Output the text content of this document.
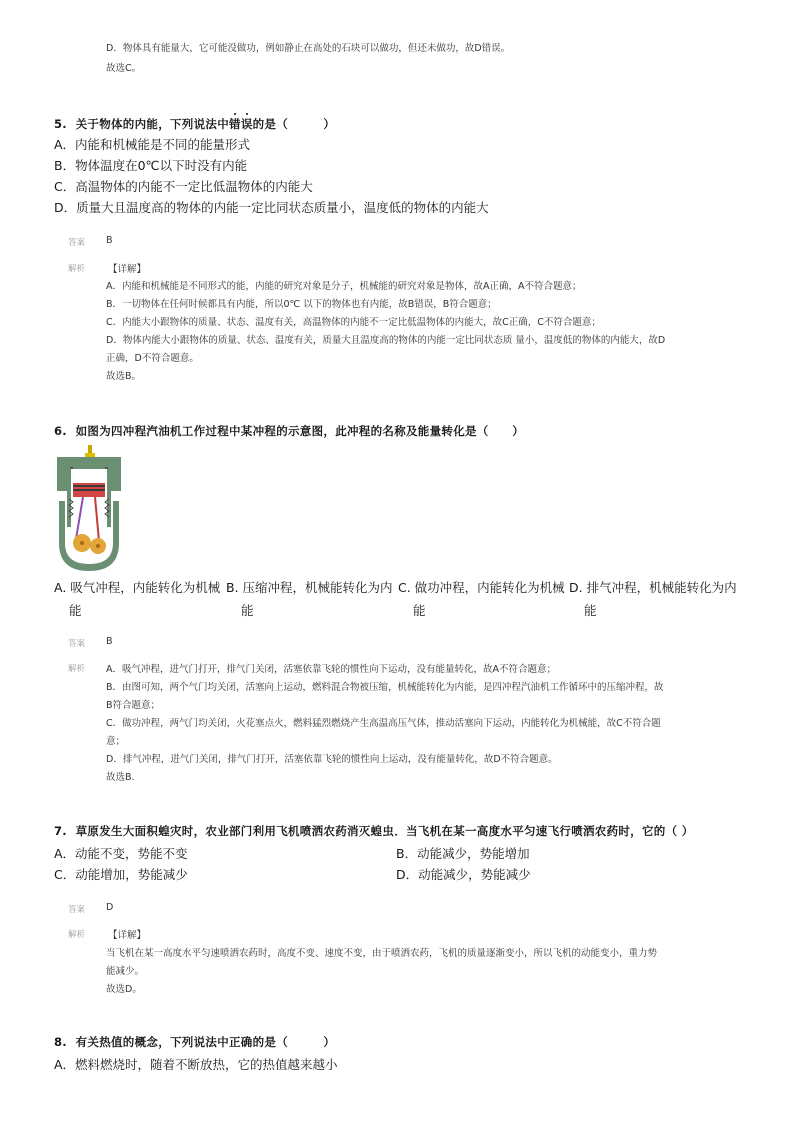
D．物体具有能量大，它可能没做功，例如静止在高处的石块可以做功，但还未做功，故D错误。
故选C。
5. 关于物体的内能，下列说法中错误的是（　　　）
A．内能和机械能是不同的能量形式
B．物体温度在0℃以下时没有内能
C．高温物体的内能不一定比低温物体的内能大
D．质量大且温度高的物体的内能一定比同状态质量小，温度低的物体的内能大
答案 B
解析 【详解】
A．内能和机械能是不同形式的能，内能的研究对象是分子，机械能的研究对象是物体，故A正确，A不符合题意；
B．一切物体在任何时候都具有内能，所以0℃ 以下的物体也有内能，故B错误，B符合题意；
C．内能大小跟物体的质量、状态、温度有关，高温物体的内能不一定比低温物体的内能大，故C正确，C不符合题意；
D．物体内能大小跟物体的质量、状态、温度有关，质量大且温度高的物体的内能一定比同状态质 量小，温度低的物体的内能大，故D
正确，D不符合题意。
故选B。
6. 如图为四冲程汽油机工作过程中某冲程的示意图，此冲程的名称及能量转化是（　　）
A. 吸气冲程，内能转化为机械
能
B. 压缩冲程，机械能转化为内
能
C. 做功冲程，内能转化为机械
能
D. 排气冲程，机械能转化为内
能
答案 B
解析 A．吸气冲程，进气门打开，排气门关闭，活塞依靠飞轮的惯性向下运动，没有能量转化，故A不符合题意；
B．由图可知，两个气门均关闭，活塞向上运动，燃料混合物被压缩，机械能转化为内能，是四冲程汽油机工作循环中的压缩冲程，故
B符合题意；
C．做功冲程，两气门均关闭，火花塞点火，燃料猛烈燃烧产生高温高压气体，推动活塞向下运动，内能转化为机械能，故C不符合题
意；
D．排气冲程，进气门关闭，排气门打开，活塞依靠飞轮的惯性向上运动，没有能量转化，故D不符合题意。
故选B.
7. 草原发生大面积蝗灾时，农业部门利用飞机喷洒农药消灭蝗虫．当飞机在某一高度水平匀速飞行喷洒农药时，它的（ ）
A．动能不变，势能不变	B．动能减少，势能增加
C．动能增加，势能减少	D．动能减少，势能减少
答案 D
解析 【详解】
当飞机在某一高度水平匀速喷洒农药时，高度不变、速度不变，由于喷洒农药，飞机的质量逐渐变小，所以飞机的动能变小，重力势
能减少。
故选D。
8. 有关热值的概念，下列说法中正确的是（　　　）
A．燃料燃烧时，随着不断放热，它的热值越来越小
